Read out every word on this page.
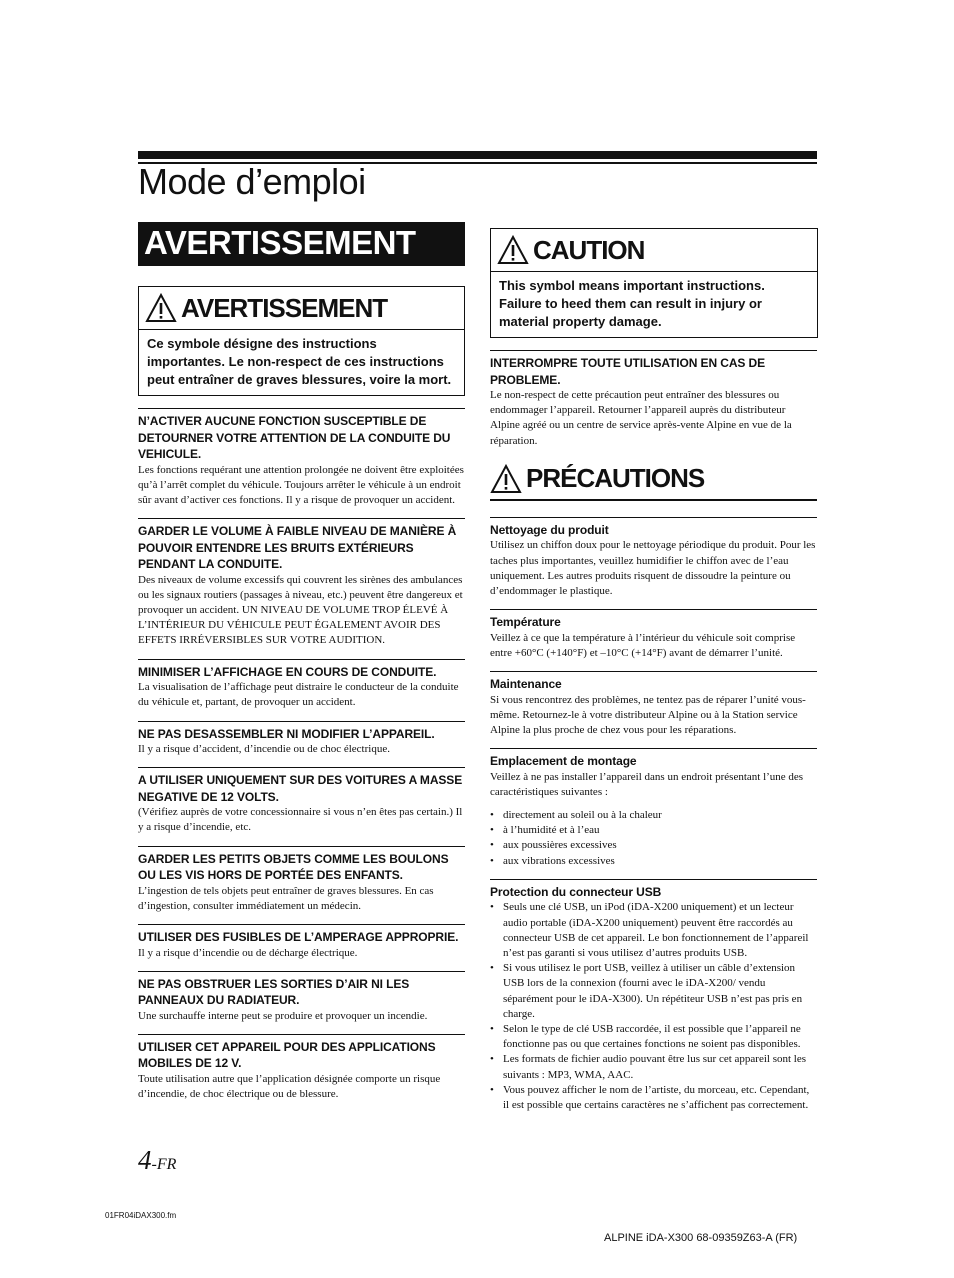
Mode d’emploi
AVERTISSEMENT
AVERTISSEMENT
Ce symbole désigne des instructions importantes. Le non-respect de ces instructions peut entraîner de graves blessures, voire la mort.
N’ACTIVER AUCUNE FONCTION SUSCEPTIBLE DE DETOURNER VOTRE ATTENTION DE LA CONDUITE DU VEHICULE.

Les fonctions requérant une attention prolongée ne doivent être exploitées qu’à l’arrêt complet du véhicule. Toujours arrêter le véhicule à un endroit sûr avant d’activer ces fonctions. Il y a risque de provoquer un accident.

GARDER LE VOLUME À FAIBLE NIVEAU DE MANIÈRE À POUVOIR ENTENDRE LES BRUITS EXTÉRIEURS PENDANT LA CONDUITE.

Des niveaux de volume excessifs qui couvrent les sirènes des ambulances ou les signaux routiers (passages à niveau, etc.) peuvent être dangereux et provoquer un accident. UN NIVEAU DE VOLUME TROP ÉLEVÉ À L’INTÉRIEUR DU VÉHICULE PEUT ÉGALEMENT AVOIR DES EFFETS IRRÉVERSIBLES SUR VOTRE AUDITION.

MINIMISER L’AFFICHAGE EN COURS DE CONDUITE.

La visualisation de l’affichage peut distraire le conducteur de la conduite du véhicule et, partant, de provoquer un accident.

NE PAS DESASSEMBLER NI MODIFIER L’APPAREIL.

Il y a risque d’accident, d’incendie ou de choc électrique.

A UTILISER UNIQUEMENT SUR DES VOITURES A MASSE NEGATIVE DE 12 VOLTS.

(Vérifiez auprès de votre concessionnaire si vous n’en êtes pas certain.) Il y a risque d’incendie, etc.

GARDER LES PETITS OBJETS COMME LES BOULONS OU LES VIS HORS DE PORTÉE DES ENFANTS.

L’ingestion de tels objets peut entraîner de graves blessures. En cas d’ingestion, consulter immédiatement un médecin.

UTILISER DES FUSIBLES DE L’AMPERAGE APPROPRIE.

Il y a risque d’incendie ou de décharge électrique.

NE PAS OBSTRUER LES SORTIES D’AIR NI LES PANNEAUX DU RADIATEUR.

Une surchauffe interne peut se produire et provoquer un incendie.

UTILISER CET APPAREIL POUR DES APPLICATIONS MOBILES DE 12 V.

Toute utilisation autre que l’application désignée comporte un risque d’incendie, de choc électrique ou de blessure.

CAUTION
This symbol means important instructions. Failure to heed them can result in injury or material property damage.
INTERROMPRE TOUTE UTILISATION EN CAS DE PROBLEME.

Le non-respect de cette précaution peut entraîner des blessures ou endommager l’appareil. Retourner l’appareil auprès du distributeur Alpine agréé ou un centre de service après-vente Alpine en vue de la réparation.

PRÉCAUTIONS
Nettoyage du produit

Utilisez un chiffon doux pour le nettoyage périodique du produit. Pour les taches plus importantes, veuillez humidifier le chiffon avec de l’eau uniquement. Les autres produits risquent de dissoudre la peinture ou d’endommager le plastique.

Température

Veillez à ce que la température à l’intérieur du véhicule soit comprise entre +60°C (+140°F) et –10°C (+14°F) avant de démarrer l’unité.

Maintenance

Si vous rencontrez des problèmes, ne tentez pas de réparer l’unité vous-même. Retournez-le à votre distributeur Alpine ou à la Station service Alpine la plus proche de chez vous pour les réparations.

Emplacement de montage

Veillez à ne pas installer l’appareil dans un endroit présentant l’une des caractéristiques suivantes :

• directement au soleil ou à la chaleur
• à l’humidité et à l’eau
• aux poussières excessives
• aux vibrations excessives
Protection du connecteur USB
• Seuls une clé USB, un iPod (iDA-X200 uniquement) et un lecteur audio portable (iDA-X200 uniquement) peuvent être raccordés au connecteur USB de cet appareil. Le bon fonctionnement de l’appareil n’est pas garanti si vous utilisez d’autres produits USB.
• Si vous utilisez le port USB, veillez à utiliser un câble d’extension USB lors de la connexion (fourni avec le iDA-X200/ vendu séparément pour le iDA-X300). Un répétiteur USB n’est pas pris en charge.
• Selon le type de clé USB raccordée, il est possible que l’appareil ne fonctionne pas ou que certaines fonctions ne soient pas disponibles.
• Les formats de fichier audio pouvant être lus sur cet appareil sont les suivants : MP3, WMA, AAC.
• Vous pouvez afficher le nom de l’artiste, du morceau, etc. Cependant, il est possible que certains caractères ne s’affichent pas correctement.
4-FR
01FR04iDAX300.fm
ALPINE iDA-X300 68-09359Z63-A (FR)
